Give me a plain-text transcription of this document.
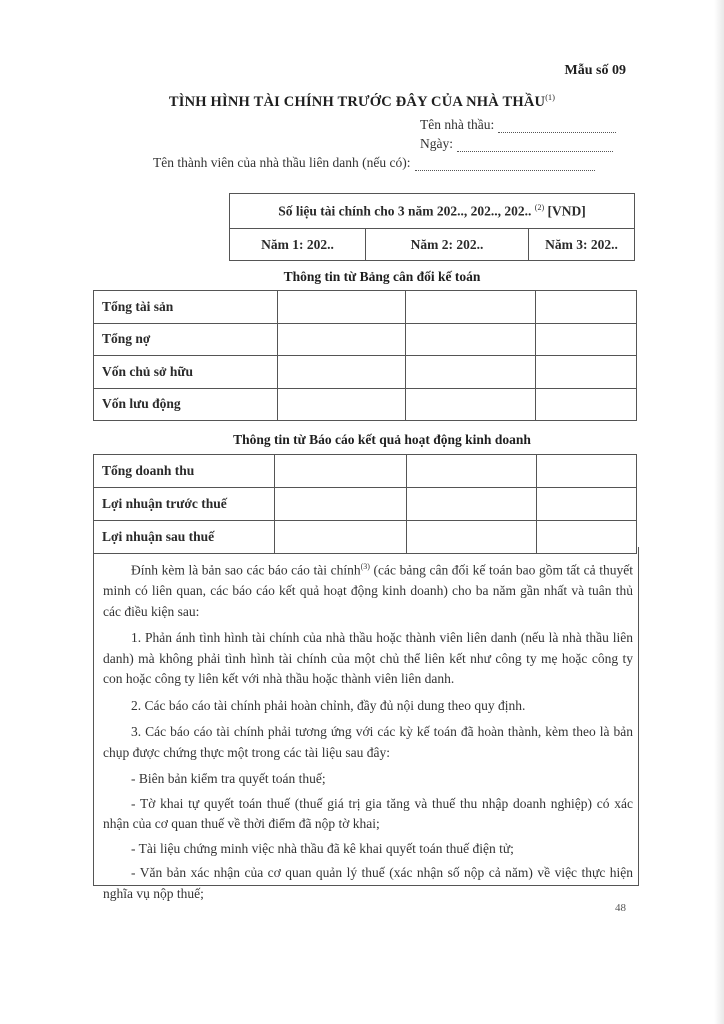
Mẫu số 09
TÌNH HÌNH TÀI CHÍNH TRƯỚC ĐÂY CỦA NHÀ THẦU$^{(1)}$
Tên nhà thầu:
Ngày:
Tên thành viên của nhà thầu liên danh (nếu có):
Số liệu tài chính cho 3 năm 202.., 202.., 202.. $^{(2)}$ [VND]
Năm 1: 202..	Năm 2: 202..	Năm 3: 202..
Thông tin từ Bảng cân đối kế toán
Tổng tài sản			
Tổng nợ			
Vốn chủ sở hữu			
Vốn lưu động			
Thông tin từ Báo cáo kết quả hoạt động kinh doanh
Tổng doanh thu			
Lợi nhuận trước thuế			
Lợi nhuận sau thuế			

Đính kèm là bản sao các báo cáo tài chính$^{(3)}$ (các bảng cân đối kế toán bao gồm tất cả thuyết minh có liên quan, các báo cáo kết quả hoạt động kinh doanh) cho ba năm gần nhất và tuân thủ các điều kiện sau:

1. Phản ánh tình hình tài chính của nhà thầu hoặc thành viên liên danh (nếu là nhà thầu liên danh) mà không phải tình hình tài chính của một chủ thể liên kết như công ty mẹ hoặc công ty con hoặc công ty liên kết với nhà thầu hoặc thành viên liên danh.

2. Các báo cáo tài chính phải hoàn chỉnh, đầy đủ nội dung theo quy định.

3. Các báo cáo tài chính phải tương ứng với các kỳ kế toán đã hoàn thành, kèm theo là bản chụp được chứng thực một trong các tài liệu sau đây:

- Biên bản kiểm tra quyết toán thuế;

- Tờ khai tự quyết toán thuế (thuế giá trị gia tăng và thuế thu nhập doanh nghiệp) có xác nhận của cơ quan thuế về thời điểm đã nộp tờ khai;

- Tài liệu chứng minh việc nhà thầu đã kê khai quyết toán thuế điện tử;

- Văn bản xác nhận của cơ quan quản lý thuế (xác nhận số nộp cả năm) về việc thực hiện nghĩa vụ nộp thuế;

48
